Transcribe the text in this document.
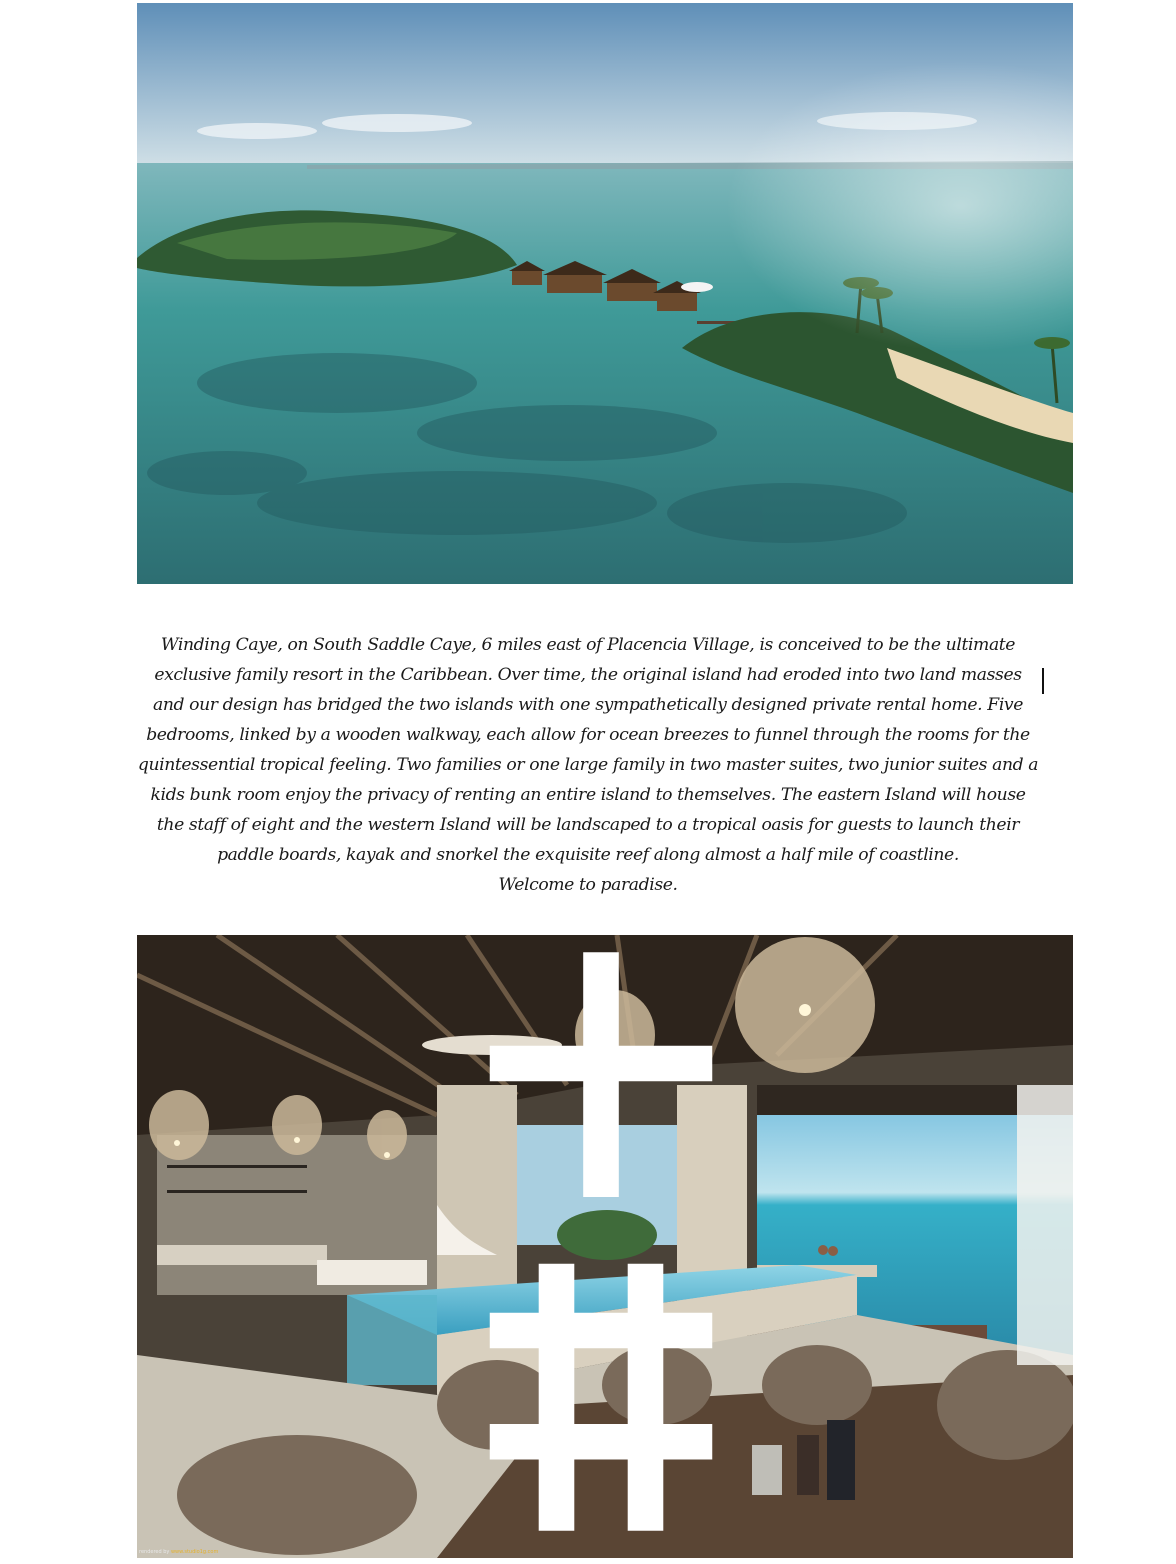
Winding Caye, on South Saddle Caye, 6 miles east of Placencia Village, is conceived to be the ultimate

exclusive family resort in the Caribbean. Over time, the original island had eroded into two land masses

and our design has bridged the two islands with one sympathetically designed private rental home. Five

bedrooms, linked by a wooden walkway, each allow for ocean breezes to funnel through the rooms for the

quintessential tropical feeling. Two families or one large family in two master suites, two junior suites and a

kids bunk room enjoy the privacy of renting an entire island to themselves. The eastern Island will house

the staff of eight and the western Island will be landscaped to a tropical oasis for guests to launch their

paddle boards, kayak and snorkel the exquisite reef along almost a half mile of coastline.

Welcome to paradise.

rendered by www.studio1g.com
